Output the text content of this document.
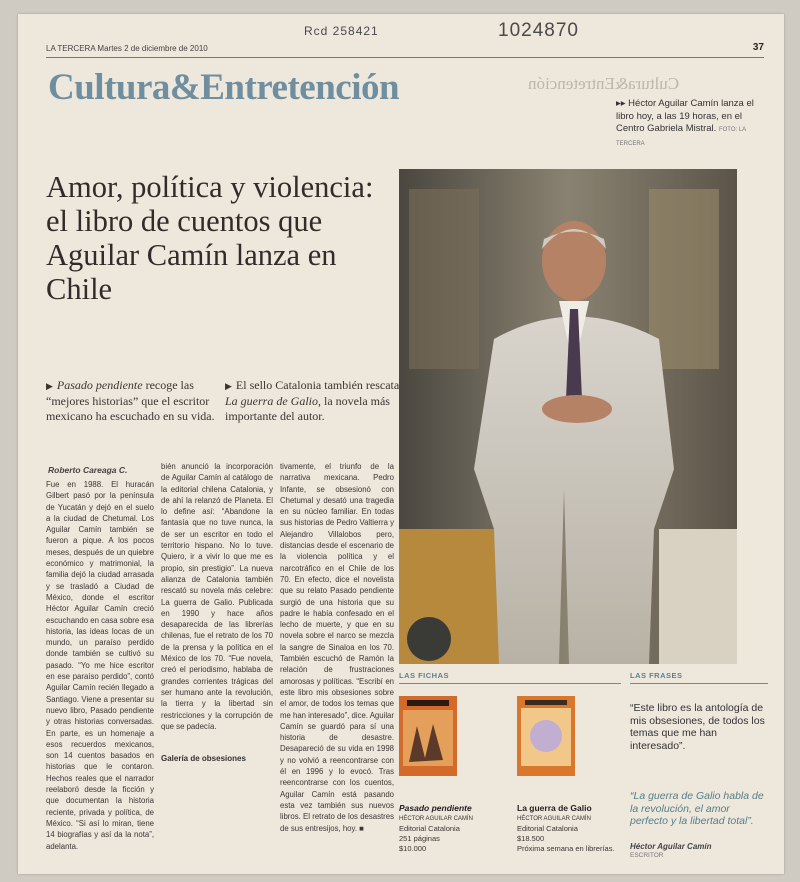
Rcd 258421	1024870
LA TERCERA Martes 2 de diciembre de 2010	37
Cultura&Entretención	Cultura&Entretención
▸▸ Héctor Aguilar Camín lanza el libro hoy, a las 19 horas, en el Centro Gabriela Mistral. FOTO: LA TERCERA
Amor, política y violencia: el libro de cuentos que Aguilar Camín lanza en Chile
▶ Pasado pendiente recoge las “mejores historias” que el escritor mexicano ha escuchado en su vida.
▶ El sello Catalonia también rescata La guerra de Galio, la novela más importante del autor.
Roberto Careaga C.
Fue en 1988. El huracán Gilbert pasó por la península de Yucatán y dejó en el suelo a la ciudad de Chetumal. Los Aguilar Camín también se fueron a pique. A los pocos meses, después de un quiebre económico y matrimonial, la familia dejó la ciudad arrasada y se trasladó a Ciudad de México, donde el escritor Héctor Aguilar Camín creció escuchando en casa sobre esa historia, las ideas locas de un mundo, un paraíso perdido donde también se cultivó su pasado. “Yo me hice escritor en ese paraíso perdido”, contó Aguilar Camín recién llegado a Santiago. Viene a presentar su nuevo libro, Pasado pendiente y otras historias conversadas. En parte, es un homenaje a esos recuerdos mexicanos, son 14 cuentos basados en historias que le contaron. Hechos reales que el narrador reelaboró desde la ficción y que documentan la historia reciente, privada y política, de México. “Si así lo miran, tiene 14 biografías y así da la nota”, adelanta.
bién anunció la incorporación de Aguilar Camín al catálogo de la editorial chilena Catalonia, y de ahí la relanzó de Planeta. El lo define así: “Abandone la fantasía que no tuve nunca, la de ser un escritor en todo el territorio hispano. No lo tuve. Quiero, ir a vivir lo que me es propio, sin prestigio”. La nueva alianza de Catalonia también rescató su novela más celebre: La guerra de Galio. Publicada en 1990 y hace años desaparecida de las librerías chilenas, fue el retrato de los 70 de la prensa y la política en el México de los 70. “Fue novela, creó el periodismo, hablaba de grandes corrientes trágicas del ser humano ante la revolución, la tierra y la libertad sin restricciones y la corrupción de que se padecía.
tivamente, el triunfo de la narrativa mexicana. Pedro Infante, se obsesionó con Chetumal y desató una tragedia en su núcleo familiar. En todas sus historias de Pedro Valtierra y Alejandro Villalobos pero, distancias desde el escenario de la violencia política y el narcotráfico en el Chile de los 70. En efecto, dice el novelista que su relato Pasado pendiente surgió de una historia que su padre le había confesado en el lecho de muerte, y que en su novela sobre el narco se mezcla la sangre de Sinaloa en los 70. También escuchó de Ramón la relación de frustraciones amorosas y políticas. “Escribí en este libro mis obsesiones sobre el amor, de todos los temas que me han interesado”, dice. Aguilar Camín se guardó para sí una historia de desastre. Desapareció de su vida en 1998 y no volvió a reencontrarse con él en 1996 y lo evocó. Tras reencontrarse con los cuentos, Aguilar Camín está pasando esta vez también sus nuevos libros. El retrato de los desastres de sus entresijos, hoy. ■
Galería de obsesiones
LAS FICHAS	LAS FRASES
Pasado pendiente
HÉCTOR AGUILAR CAMÍN
Editorial Catalonia
251 páginas
$10.000
La guerra de Galio
HÉCTOR AGUILAR CAMÍN
Editorial Catalonia
$18.500
Próxima semana en librerías.
“Este libro es la antología de mis obsesiones, de todos los temas que me han interesado”.
“La guerra de Galio habla de la revolución, el amor perfecto y la libertad total”.
Héctor Aguilar Camín
ESCRITOR
